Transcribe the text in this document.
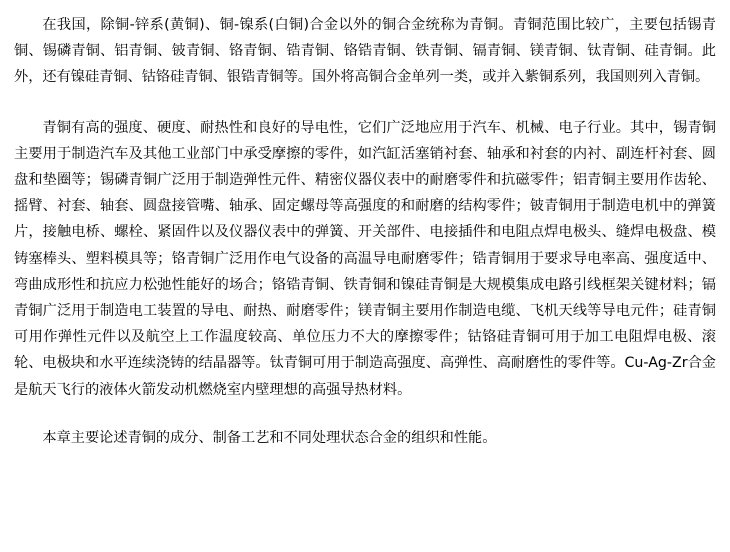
在我国，除铜-锌系(黄铜)、铜-镍系(白铜)合金以外的铜合金统称为青铜。青铜范围比较广，主要包括锡青铜、锡磷青铜、铝青铜、铍青铜、铬青铜、锆青铜、铬锆青铜、铁青铜、镉青铜、镁青铜、钛青铜、硅青铜。此外，还有镍硅青铜、钴铬硅青铜、银锆青铜等。国外将高铜合金单列一类，或并入紫铜系列，我国则列入青铜。

青铜有高的强度、硬度、耐热性和良好的导电性，它们广泛地应用于汽车、机械、电子行业。其中，锡青铜主要用于制造汽车及其他工业部门中承受摩擦的零件，如汽缸活塞销衬套、轴承和衬套的内衬、副连杆衬套、圆盘和垫圈等；锡磷青铜广泛用于制造弹性元件、精密仪器仪表中的耐磨零件和抗磁零件；铝青铜主要用作齿轮、摇臂、衬套、轴套、圆盘接管嘴、轴承、固定螺母等高强度的和耐磨的结构零件；铍青铜用于制造电机中的弹簧片，接触电桥、螺栓、紧固件以及仪器仪表中的弹簧、开关部件、电接插件和电阻点焊电极头、缝焊电极盘、模铸塞棒头、塑料模具等；铬青铜广泛用作电气设备的高温导电耐磨零件；锆青铜用于要求导电率高、强度适中、弯曲成形性和抗应力松弛性能好的场合；铬锆青铜、铁青铜和镍硅青铜是大规模集成电路引线框架关键材料；镉青铜广泛用于制造电工装置的导电、耐热、耐磨零件；镁青铜主要用作制造电缆、飞机天线等导电元件；硅青铜可用作弹性元件以及航空上工作温度较高、单位压力不大的摩擦零件；钴铬硅青铜可用于加工电阻焊电极、滚轮、电极块和水平连续浇铸的结晶器等。钛青铜可用于制造高强度、高弹性、高耐磨性的零件等。Cu-Ag-Zr合金是航天飞行的液体火箭发动机燃烧室内壁理想的高强导热材料。

本章主要论述青铜的成分、制备工艺和不同处理状态合金的组织和性能。
